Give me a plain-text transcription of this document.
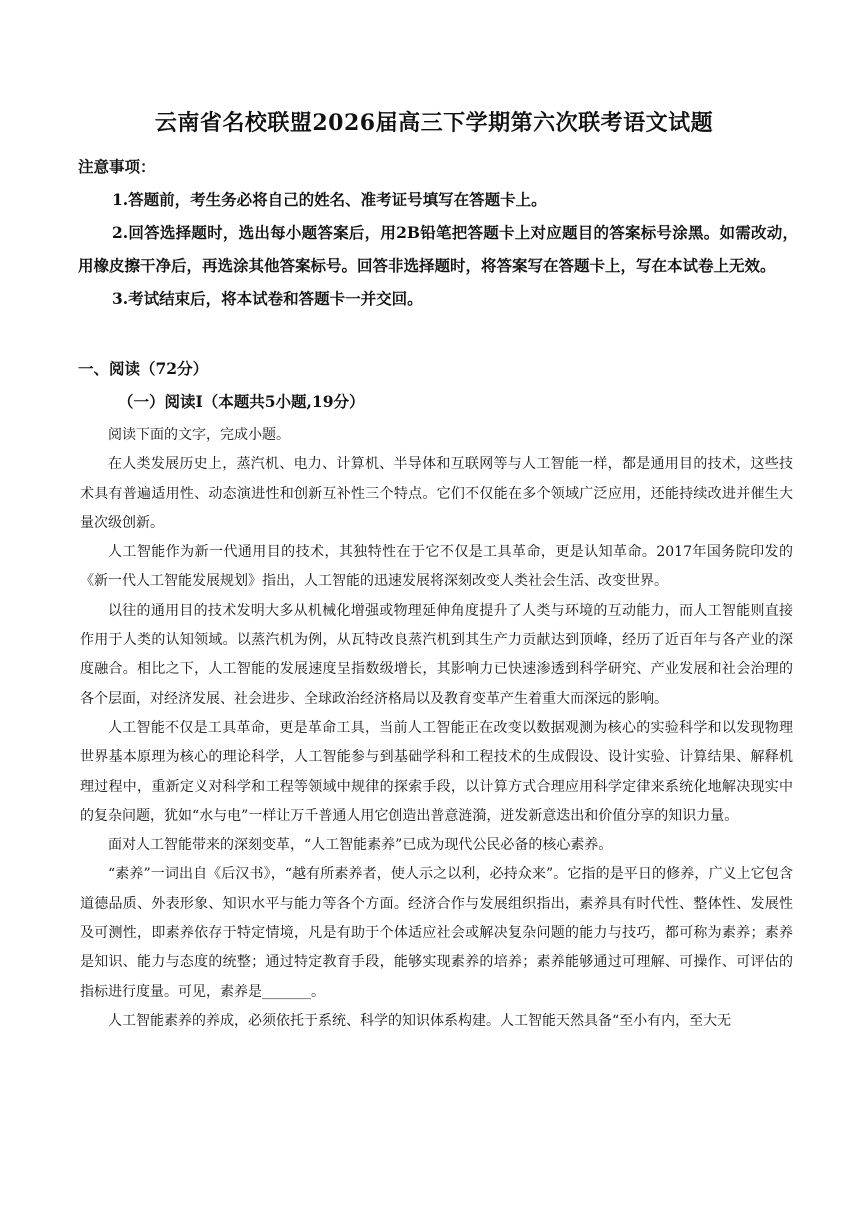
云南省名校联盟2026届高三下学期第六次联考语文试题

注意事项：

1.答题前，考生务必将自己的姓名、准考证号填写在答题卡上。

2.回答选择题时，选出每小题答案后，用2B铅笔把答题卡上对应题目的答案标号涂黑。如需改动，用橡皮擦干净后，再选涂其他答案标号。回答非选择题时，将答案写在答题卡上，写在本试卷上无效。

3.考试结束后，将本试卷和答题卡一并交回。

一、阅读（72分）
（一）阅读Ⅰ（本题共5小题,19分）

阅读下面的文字，完成小题。

在人类发展历史上，蒸汽机、电力、计算机、半导体和互联网等与人工智能一样，都是通用目的技术，这些技术具有普遍适用性、动态演进性和创新互补性三个特点。它们不仅能在多个领域广泛应用，还能持续改进并催生大量次级创新。

人工智能作为新一代通用目的技术，其独特性在于它不仅是工具革命，更是认知革命。2017年国务院印发的《新一代人工智能发展规划》指出，人工智能的迅速发展将深刻改变人类社会生活、改变世界。

以往的通用目的技术发明大多从机械化增强或物理延伸角度提升了人类与环境的互动能力，而人工智能则直接作用于人类的认知领域。以蒸汽机为例，从瓦特改良蒸汽机到其生产力贡献达到顶峰，经历了近百年与各产业的深度融合。相比之下，人工智能的发展速度呈指数级增长，其影响力已快速渗透到科学研究、产业发展和社会治理的各个层面，对经济发展、社会进步、全球政治经济格局以及教育变革产生着重大而深远的影响。

人工智能不仅是工具革命，更是革命工具，当前人工智能正在改变以数据观测为核心的实验科学和以发现物理世界基本原理为核心的理论科学，人工智能参与到基础学科和工程技术的生成假设、设计实验、计算结果、解释机理过程中，重新定义对科学和工程等领域中规律的探索手段，以计算方式合理应用科学定律来系统化地解决现实中的复杂问题，犹如“水与电”一样让万千普通人用它创造出普意涟漪，迸发新意迭出和价值分享的知识力量。

面对人工智能带来的深刻变革，“人工智能素养”已成为现代公民必备的核心素养。

“素养”一词出自《后汉书》，“越有所素养者，使人示之以利，必持众来”。它指的是平日的修养，广义上它包含道德品质、外表形象、知识水平与能力等各个方面。经济合作与发展组织指出，素养具有时代性、整体性、发展性及可测性，即素养依存于特定情境，凡是有助于个体适应社会或解决复杂问题的能力与技巧，都可称为素养；素养是知识、能力与态度的统整；通过特定教育手段，能够实现素养的培养；素养能够通过可理解、可操作、可评估的指标进行度量。可见，素养是_______。

人工智能素养的养成，必须依托于系统、科学的知识体系构建。人工智能天然具备“至小有内，至大无
